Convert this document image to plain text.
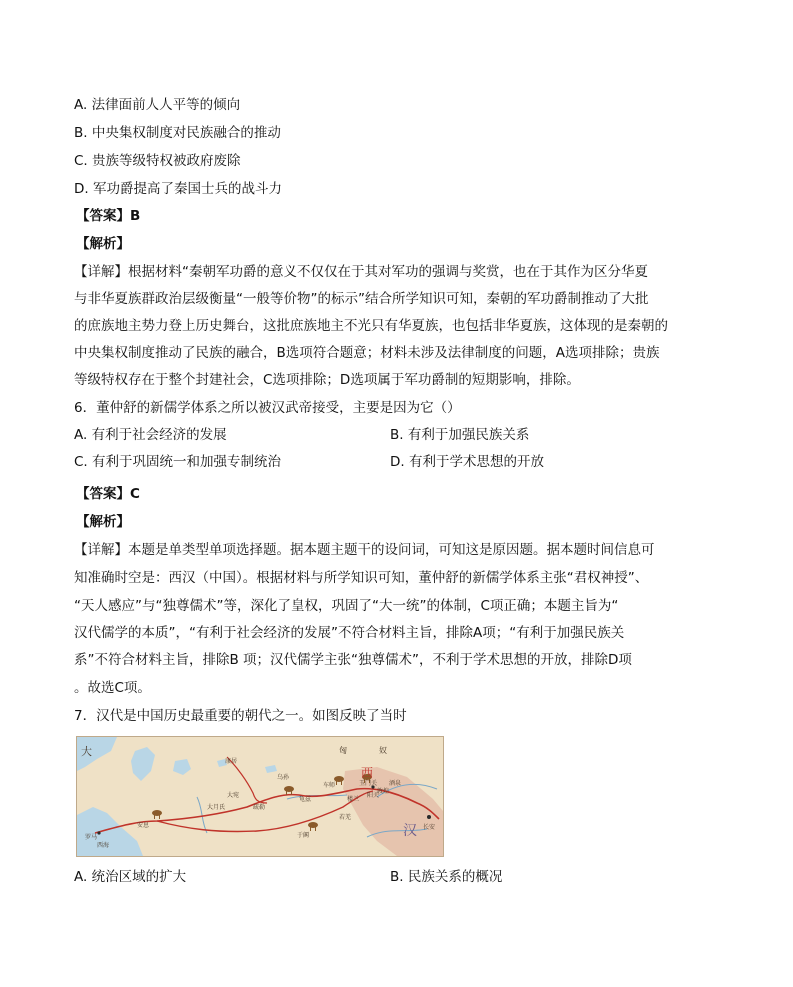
A. 法律面前人人平等的倾向
B. 中央集权制度对民族融合的推动
C. 贵族等级特权被政府废除
D. 军功爵提高了秦国士兵的战斗力
【答案】B
【解析】
【详解】根据材料“秦朝军功爵的意义不仅仅在于其对军功的强调与奖赏，也在于其作为区分华夏
与非华夏族群政治层级衡量“一般等价物”的标示”结合所学知识可知，秦朝的军功爵制推动了大批
的庶族地主势力登上历史舞台，这批庶族地主不光只有华夏族，也包括非华夏族，这体现的是秦朝的
中央集权制度推动了民族的融合，B选项符合题意；材料未涉及法律制度的问题，A选项排除；贵族
等级特权存在于整个封建社会，C选项排除；D选项属于军功爵制的短期影响，排除。
6．董仲舒的新儒学体系之所以被汉武帝接受，主要是因为它（）
A. 有利于社会经济的发展	B. 有利于加强民族关系
C. 有利于巩固统一和加强专制统治	D. 有利于学术思想的开放
【答案】C
【解析】
【详解】本题是单类型单项选择题。据本题主题干的设问词，可知这是原因题。据本题时间信息可
知准确时空是：西汉（中国）。根据材料与所学知识可知，董仲舒的新儒学体系主张“君权神授”、
“天人感应”与“独尊儒术”等，深化了皇权，巩固了“大一统”的体制，C项正确；本题主旨为“
汉代儒学的本质”，“有利于社会经济的发展”不符合材料主旨，排除A项；“有利于加强民族关
系”不符合材料主旨，排除B 项；汉代儒学主张“独尊儒术”，不利于学术思想的开放，排除D项
。故选C项。
7．汉代是中国历史最重要的朝代之一。如图反映了当时
大	匈	奴
西
汉
康居
乌孙
大宛
大月氏
安息
罗马
龟兹
疏勒
于阗
楼兰
玉门关
阳关
敦煌
长安
酒泉
车师
西海
若羌
A. 统治区域的扩大	B. 民族关系的概况
